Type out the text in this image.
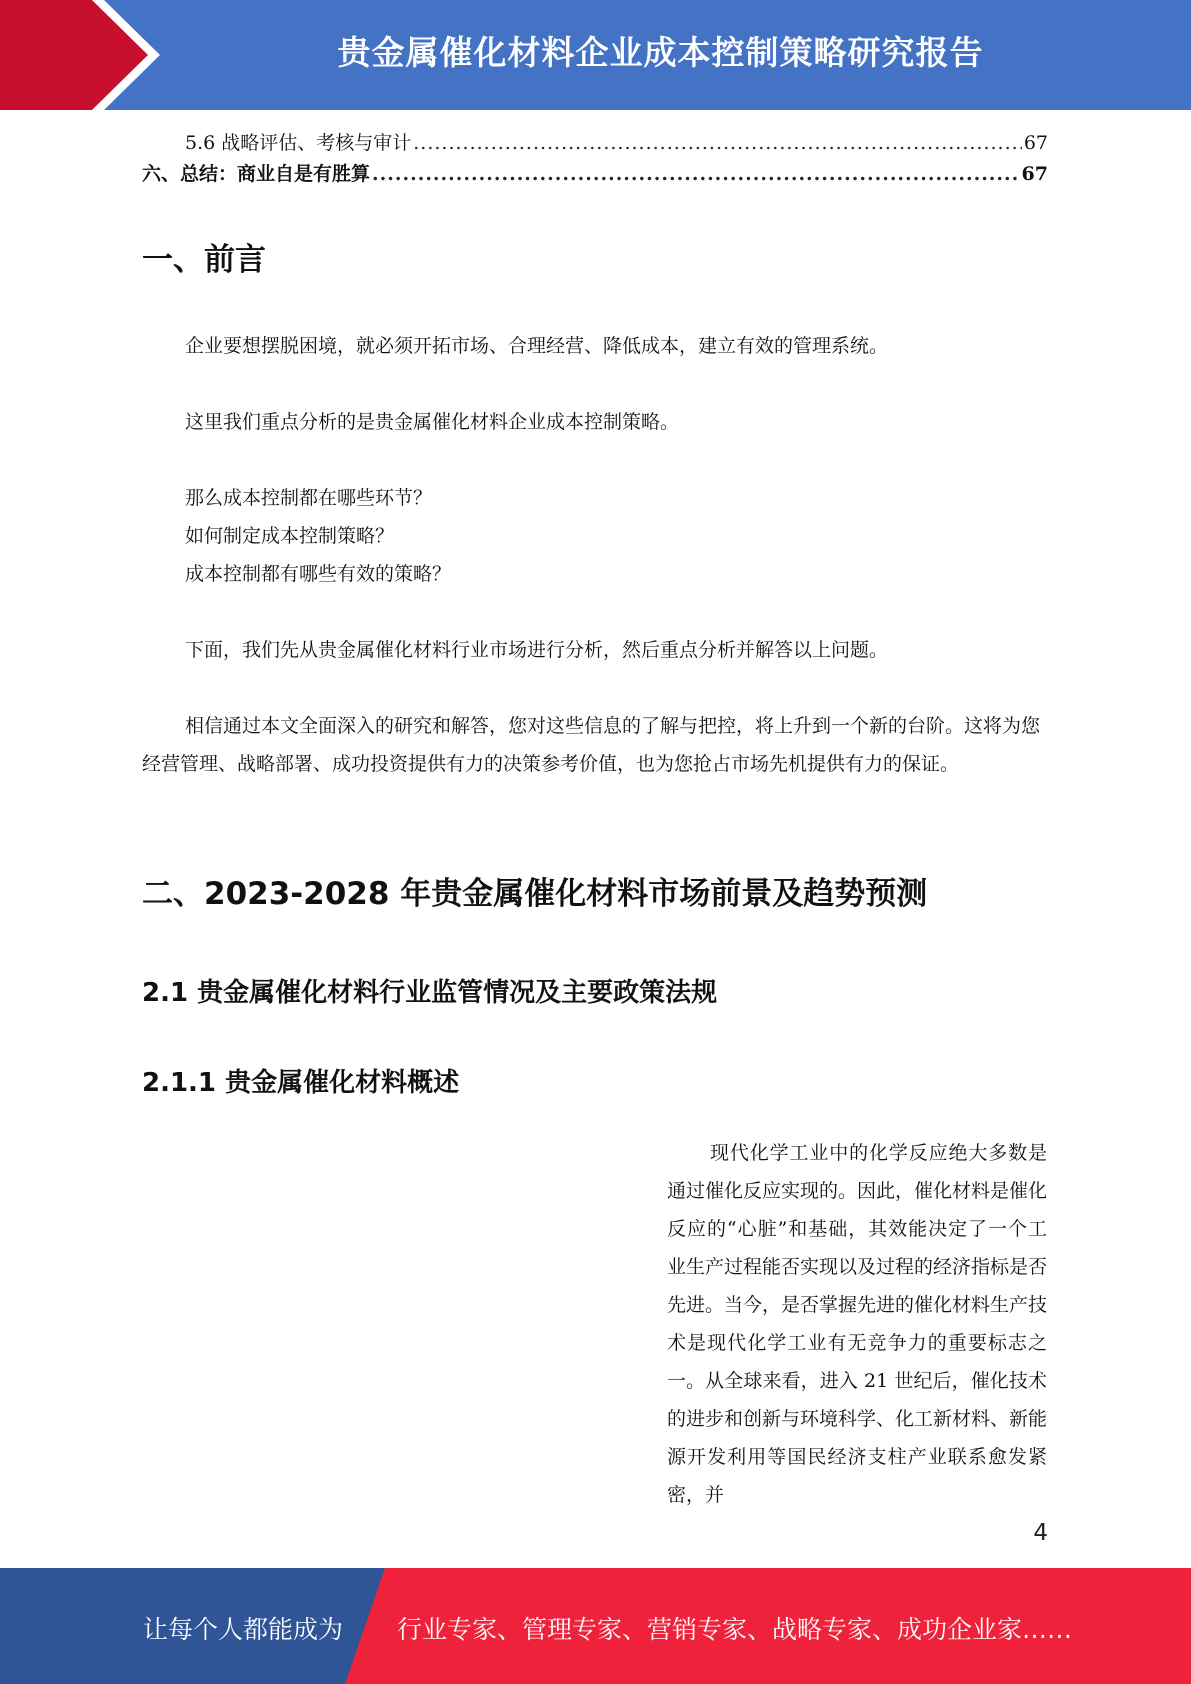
贵金属催化材料企业成本控制策略研究报告
5.6 战略评估、考核与审计 .....	67
六、总结：商业自是有胜算 .....	67
一、前言

企业要想摆脱困境，就必须开拓市场、合理经营、降低成本，建立有效的管理系统。

这里我们重点分析的是贵金属催化材料企业成本控制策略。

那么成本控制都在哪些环节？

如何制定成本控制策略？

成本控制都有哪些有效的策略？

下面，我们先从贵金属催化材料行业市场进行分析，然后重点分析并解答以上问题。

相信通过本文全面深入的研究和解答，您对这些信息的了解与把控，将上升到一个新的台阶。这将为您经营管理、战略部署、成功投资提供有力的决策参考价值，也为您抢占市场先机提供有力的保证。

二、2023-2028 年贵金属催化材料市场前景及趋势预测
2.1 贵金属催化材料行业监管情况及主要政策法规
2.1.1 贵金属催化材料概述

现代化学工业中的化学反应绝大多数是通过催化反应实现的。因此，催化材料是催化反应的“心脏”和基础，其效能决定了一个工业生产过程能否实现以及过程的经济指标是否先进。当今，是否掌握先进的催化材料生产技术是现代化学工业有无竞争力的重要标志之一。从全球来看，进入 21 世纪后，催化技术的进步和创新与环境科学、化工新材料、新能源开发利用等国民经济支柱产业联系愈发紧密，并

4
让每个人都能成为 行业专家、管理专家、营销专家、战略专家、成功企业家……
